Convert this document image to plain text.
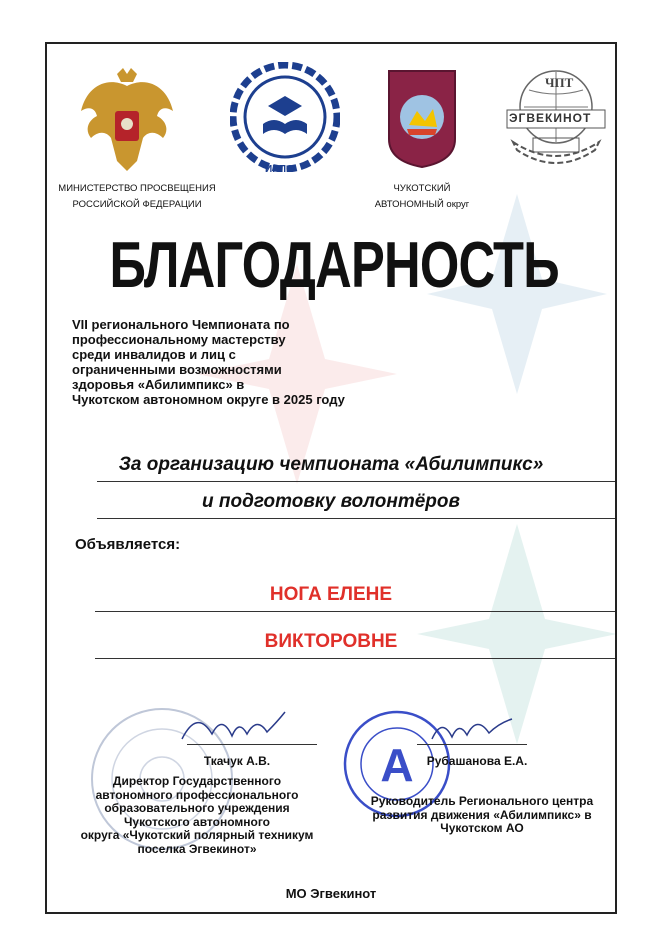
МИНИСТЕРСТВО ПРОСВЕЩЕНИЯ
РОССИЙСКОЙ ФЕДЕРАЦИИ
ИРПО
ЧУКОТСКИЙ
АВТОНОМНЫЙ округ
ЧПТ
ЭГВЕКИНОТ
БЛАГОДАРНОСТЬ
VII регионального Чемпионата по
профессиональному мастерству
среди инвалидов и лиц с
ограниченными возможностями
здоровья «Абилимпикс» в
Чукотском автономном округе в 2025 году
За организацию чемпионата «Абилимпикс»
и подготовку волонтёров
Объявляется:
НОГА ЕЛЕНЕ
ВИКТОРОВНЕ
Ткачук А.В.
Директор Государственного
автономного профессионального
образовательного учреждения
Чукотского автономного
округа «Чукотский полярный техникум
поселка Эгвекинот»
А	Рубашанова Е.А.
Руководитель Регионального центра
развития движения «Абилимпикс» в
Чукотском АО
МО Эгвекинот
